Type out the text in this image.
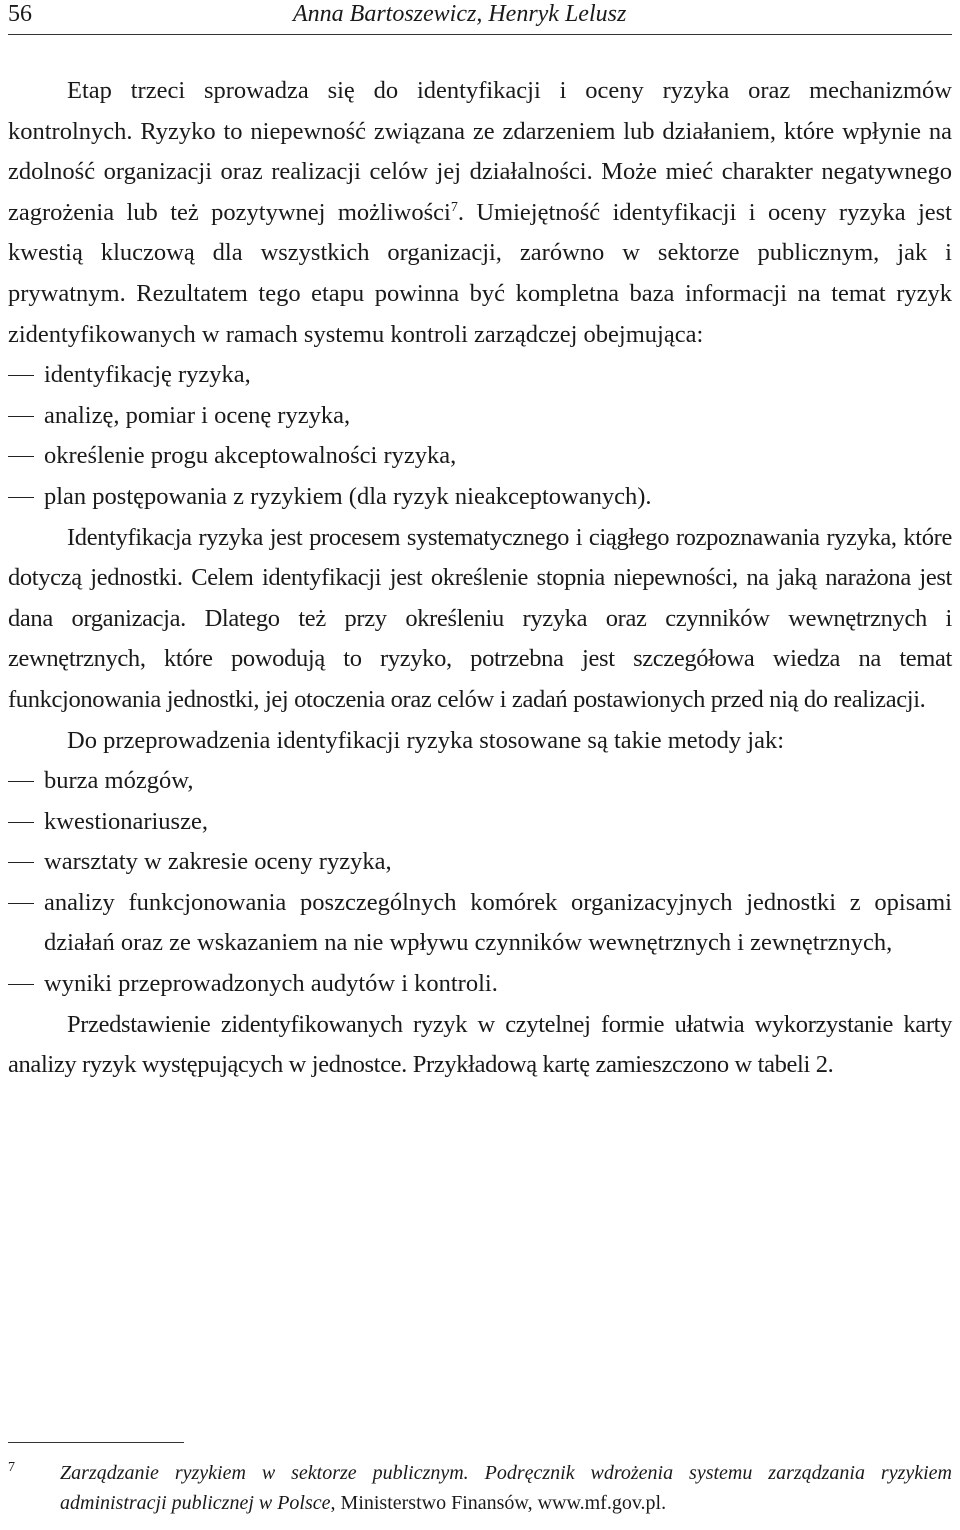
56	Anna Bartoszewicz, Henryk Lelusz

Etap trzeci sprowadza się do identyfikacji i oceny ryzyka oraz mechanizmów kontrolnych. Ryzyko to niepewność związana ze zdarzeniem lub działaniem, które wpłynie na zdolność organizacji oraz realizacji celów jej działalności. Może mieć charakter negatywnego zagrożenia lub też pozytywnej możliwości$^7$. Umiejętność identyfikacji i oceny ryzyka jest kwestią kluczową dla wszystkich organizacji, zarówno w sektorze publicznym, jak i prywatnym. Rezultatem tego etapu powinna być kompletna baza informacji na temat ryzyk zidentyfikowanych w ramach systemu kontroli zarządczej obejmująca:

identyfikację ryzyka,
analizę, pomiar i ocenę ryzyka,
określenie progu akceptowalności ryzyka,
plan postępowania z ryzykiem (dla ryzyk nieakceptowanych).

Identyfikacja ryzyka jest procesem systematycznego i ciągłego rozpoznawania ryzyka, które dotyczą jednostki. Celem identyfikacji jest określenie stopnia niepewności, na jaką narażona jest dana organizacja. Dlatego też przy określeniu ryzyka oraz czynników wewnętrznych i zewnętrznych, które powodują to ryzyko, potrzebna jest szczegółowa wiedza na temat funkcjonowania jednostki, jej otoczenia oraz celów i zadań postawionych przed nią do realizacji.

Do przeprowadzenia identyfikacji ryzyka stosowane są takie metody jak:

burza mózgów,
kwestionariusze,
warsztaty w zakresie oceny ryzyka,
analizy funkcjonowania poszczególnych komórek organizacyjnych jednostki z opisami działań oraz ze wskazaniem na nie wpływu czynników wewnętrznych i zewnętrznych,
wyniki przeprowadzonych audytów i kontroli.

Przedstawienie zidentyfikowanych ryzyk w czytelnej formie ułatwia wykorzystanie karty analizy ryzyk występujących w jednostce. Przykładową kartę zamieszczono w tabeli 2.

7	Zarządzanie ryzykiem w sektorze publicznym. Podręcznik wdrożenia systemu zarządzania ryzykiem administracji publicznej w Polsce, Ministerstwo Finansów, www.mf.gov.pl.
